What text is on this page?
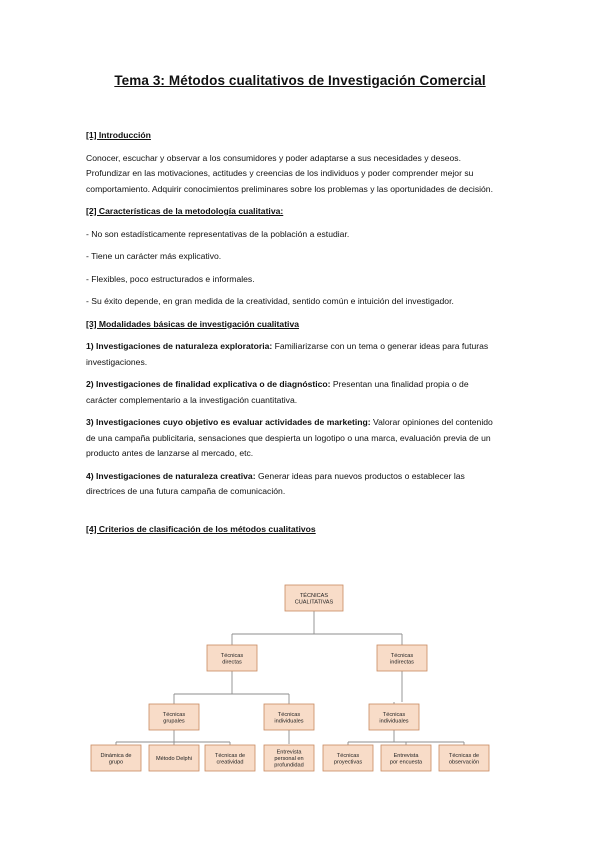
Tema 3: Métodos cualitativos de Investigación Comercial
[1] Introducción
Conocer, escuchar y observar a los consumidores y poder adaptarse a sus necesidades y deseos. Profundizar en las motivaciones, actitudes y creencias de los individuos y poder comprender mejor su comportamiento. Adquirir conocimientos preliminares sobre los problemas y las oportunidades de decisión.
[2] Características de la metodología cualitativa:
- No son estadísticamente representativas de la población a estudiar.
- Tiene un carácter más explicativo.
- Flexibles, poco estructurados e informales.
- Su éxito depende, en gran medida de la creatividad, sentido común e intuición del investigador.
[3] Modalidades básicas de investigación cualitativa
1) Investigaciones de naturaleza exploratoria: Familiarizarse con un tema o generar ideas para futuras investigaciones.
2) Investigaciones de finalidad explicativa o de diagnóstico: Presentan una finalidad propia o de carácter complementario a la investigación cuantitativa.
3) Investigaciones cuyo objetivo es evaluar actividades de marketing: Valorar opiniones del contenido de una campaña publicitaria, sensaciones que despierta un logotipo o una marca, evaluación previa de un producto antes de lanzarse al mercado, etc.
4) Investigaciones de naturaleza creativa: Generar ideas para nuevos productos o establecer las directrices de una futura campaña de comunicación.
[4] Criterios de clasificación de los métodos cualitativos
TÉCNICAS
CUALITATIVAS
Técnicas
directas
Técnicas
indirectas
Técnicas
grupales
Técnicas
individuales
Técnicas
individuales
Dinámica de
grupo
Método Delphi
Técnicas de
creatividad
Entrevista
personal en
profundidad
Técnicas
proyectivas
Entrevista
por encuesta
Técnicas de
observación
